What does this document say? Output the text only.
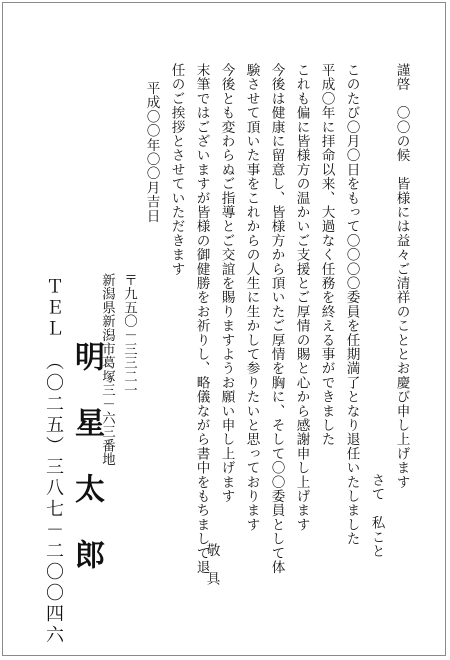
謹啓　〇〇の候　皆様には益々ご清祥のこととお慶び申し上げます
さて　私こと
このたび〇月〇日をもって〇〇〇〇委員を任期満了となり退任いたしました
平成〇年に拝命以来、大過なく任務を終える事ができました
これも偏に皆様方の温かいご支援とご厚情の賜と心から感謝申し上げます
今後は健康に留意し、皆様方から頂いたご厚情を胸に、そして〇〇委員として体
験させて頂いた事をこれからの人生に生かして参りたいと思っております
今後とも変わらぬご指導とご交誼を賜りますようお願い申し上げます
末筆ではございますが皆様の御健勝をお祈りし、略儀ながら書中をもちまして退
任のご挨拶とさせていただきます
敬　具
平成〇〇年〇〇月吉日
〒九五〇－三三二一
新潟県新潟市葛塚三－六三番地
明星太郎
ＴＥＬ　（〇二五）三八七－二〇〇四六
